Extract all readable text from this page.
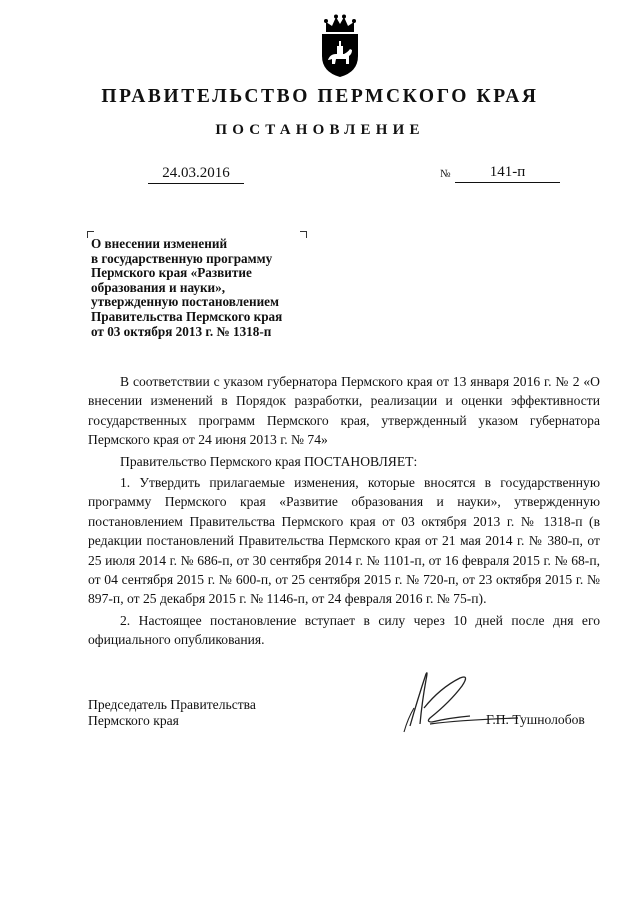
ПРАВИТЕЛЬСТВО ПЕРМСКОГО КРАЯ
ПОСТАНОВЛЕНИЕ
24.03.2016	№	141-п
О внесении изменений
в государственную программу
Пермского края «Развитие
образования и науки»,
утвержденную постановлением
Правительства Пермского края
от 03 октября 2013 г. № 1318-п

В соответствии с указом губернатора Пермского края от 13 января 2016 г. № 2 «О внесении изменений в Порядок разработки, реализации и оценки эффективности государственных программ Пермского края, утвержденный указом губернатора Пермского края от 24 июня 2013 г. № 74»

Правительство Пермского края ПОСТАНОВЛЯЕТ:

1. Утвердить прилагаемые изменения, которые вносятся в государственную программу Пермского края «Развитие образования и науки», утвержденную постановлением Правительства Пермского края от 03 октября 2013 г. № 1318-п (в редакции постановлений Правительства Пермского края от 21 мая 2014 г. № 380-п, от 25 июля 2014 г. № 686-п, от 30 сентября 2014 г. № 1101-п, от 16 февраля 2015 г. № 68-п, от 04 сентября 2015 г. № 600-п, от 25 сентября 2015 г. № 720-п, от 23 октября 2015 г. № 897-п, от 25 декабря 2015 г. № 1146-п, от 24 февраля 2016 г. № 75-п).

2. Настоящее постановление вступает в силу через 10 дней после дня его официального опубликования.

Председатель Правительства
Пермского края	Г.П. Тушнолобов
